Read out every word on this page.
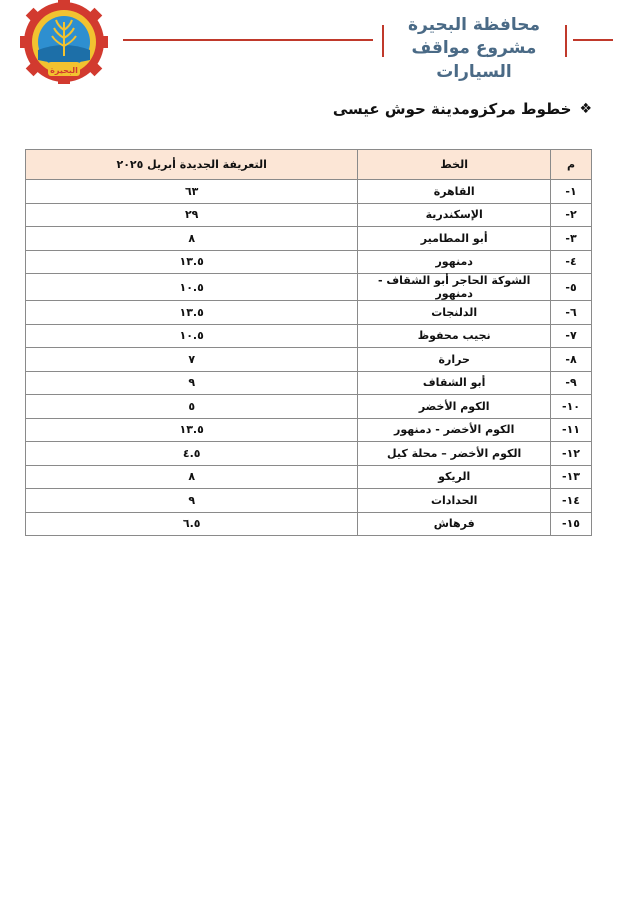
البحيرة
محافظة البحيرة
مشروع مواقف السيارات
❖
خطوط مركزومدينة حوش عيسى
م	الخط	التعريفة الجديدة أبريل ٢٠٢٥
١-	القاهرة	٦٣
٢-	الإسكندرية	٢٩
٣-	أبو المطامير	٨
٤-	دمنهور	١٣.٥
٥-	الشوكة الحاجر أبو الشقاف - دمنهور	١٠.٥
٦-	الدلنجات	١٣.٥
٧-	نجيب محفوظ	١٠.٥
٨-	حرارة	٧
٩-	أبو الشقاف	٩
١٠-	الكوم الأخضر	٥
١١-	الكوم الأخضر - دمنهور	١٣.٥
١٢-	الكوم الأخضر – محلة كيل	٤.٥
١٣-	الريكو	٨
١٤-	الحدادات	٩
١٥-	فرهاش	٦.٥
